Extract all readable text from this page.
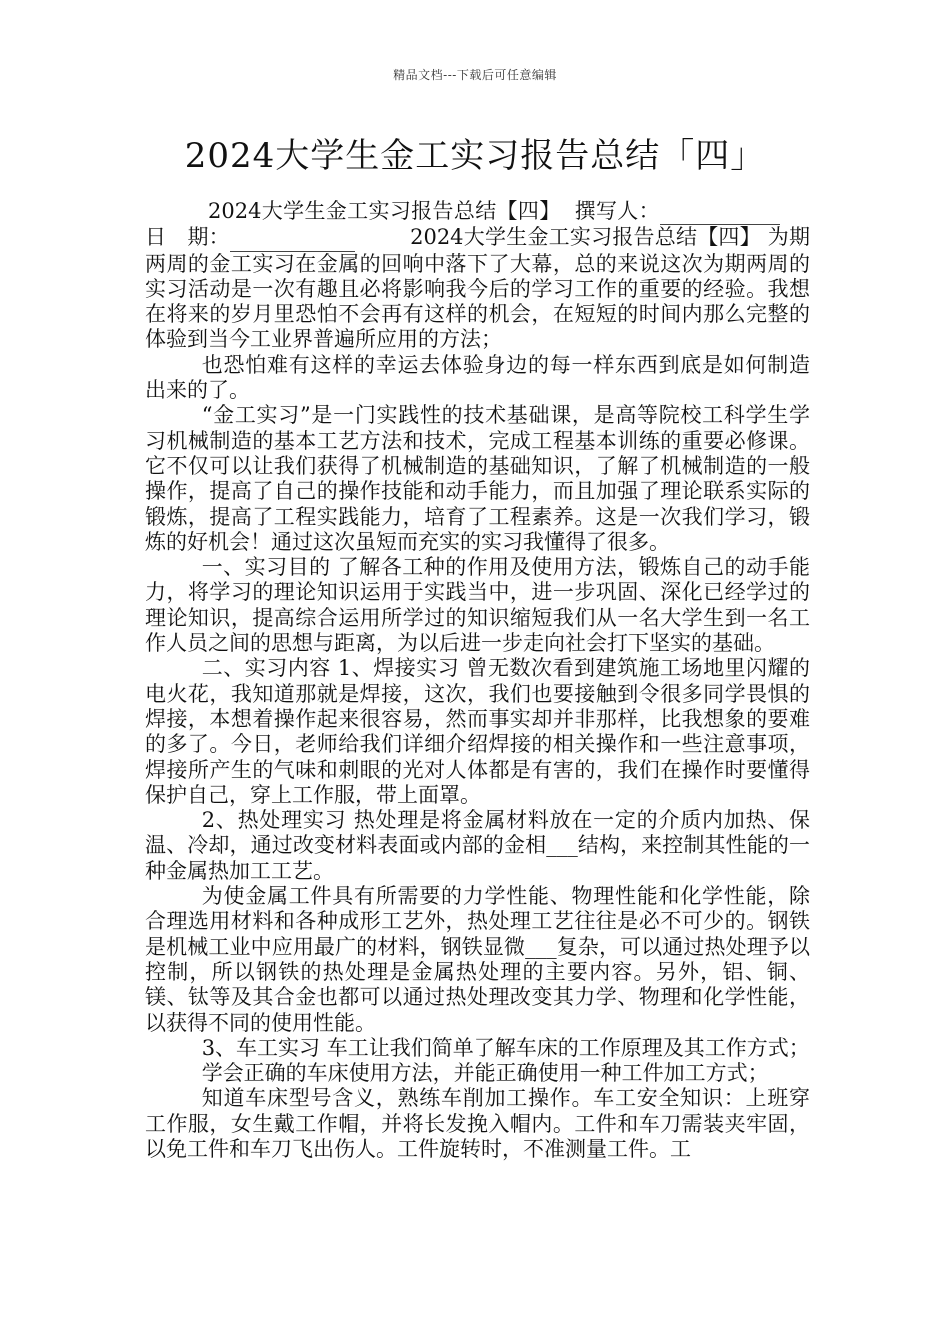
精品文档---下载后可任意编辑
2024大学生金工实习报告总结「四」

2024大学生金工实习报告总结【四】 撰写人： 日　期：	2024大学生金工实习报告总结【四】 为期两周的金工实习在金属的回响中落下了大幕，总的来说这次为期两周的实习活动是一次有趣且必将影响我今后的学习工作的重要的经验。我想在将来的岁月里恐怕不会再有这样的机会，在短短的时间内那么完整的体验到当今工业界普遍所应用的方法；

也恐怕难有这样的幸运去体验身边的每一样东西到底是如何制造出来的了。

“金工实习”是一门实践性的技术基础课，是高等院校工科学生学习机械制造的基本工艺方法和技术，完成工程基本训练的重要必修课。它不仅可以让我们获得了机械制造的基础知识，了解了机械制造的一般操作，提高了自己的操作技能和动手能力，而且加强了理论联系实际的锻炼，提高了工程实践能力，培育了工程素养。这是一次我们学习，锻炼的好机会！通过这次虽短而充实的实习我懂得了很多。

一、实习目的 了解各工种的作用及使用方法，锻炼自己的动手能力，将学习的理论知识运用于实践当中，进一步巩固、深化已经学过的理论知识，提高综合运用所学过的知识缩短我们从一名大学生到一名工作人员之间的思想与距离，为以后进一步走向社会打下坚实的基础。

二、实习内容 1、焊接实习 曾无数次看到建筑施工场地里闪耀的电火花，我知道那就是焊接，这次，我们也要接触到令很多同学畏惧的焊接，本想着操作起来很容易，然而事实却并非那样，比我想象的要难的多了。今日，老师给我们详细介绍焊接的相关操作和一些注意事项，焊接所产生的气味和刺眼的光对人体都是有害的，我们在操作时要懂得保护自己，穿上工作服，带上面罩。

2、热处理实习 热处理是将金属材料放在一定的介质内加热、保温、冷却，通过改变材料表面或内部的金相___结构，来控制其性能的一种金属热加工工艺。

为使金属工件具有所需要的力学性能、物理性能和化学性能，除合理选用材料和各种成形工艺外，热处理工艺往往是必不可少的。钢铁是机械工业中应用最广的材料，钢铁显微___复杂，可以通过热处理予以控制，所以钢铁的热处理是金属热处理的主要内容。另外，铝、铜、镁、钛等及其合金也都可以通过热处理改变其力学、物理和化学性能，以获得不同的使用性能。

3、车工实习 车工让我们简单了解车床的工作原理及其工作方式；

学会正确的车床使用方法，并能正确使用一种工件加工方式；

知道车床型号含义，熟练车削加工操作。车工安全知识：上班穿工作服，女生戴工作帽，并将长发挽入帽内。工件和车刀需装夹牢固，以免工件和车刀飞出伤人。工件旋转时，不准测量工件。工
